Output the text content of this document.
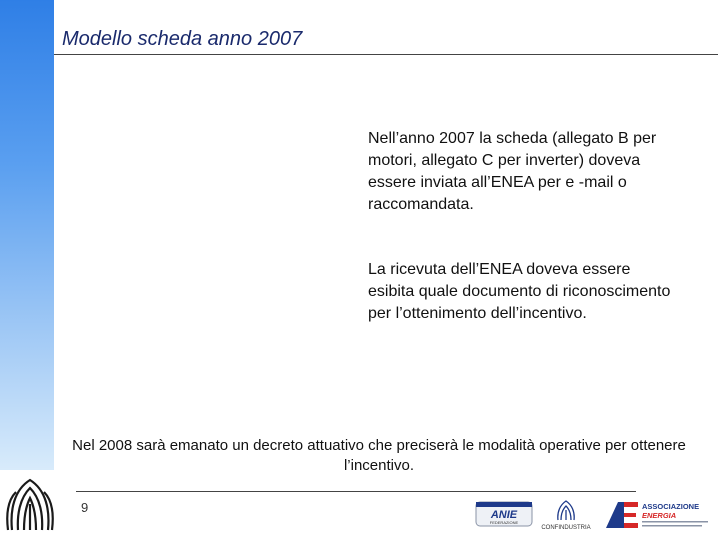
Modello scheda anno 2007
Nell’anno 2007 la scheda (allegato B per motori, allegato C per inverter) doveva essere inviata all’ENEA per e -mail o raccomandata.
La ricevuta dell’ENEA doveva essere esibita quale documento di riconoscimento per l’ottenimento dell’incentivo.
Nel 2008 sarà emanato un decreto attuativo che preciserà le modalità operative per ottenere l’incentivo.
9	ANIE
FEDERAZIONE
CONFINDUSTRIA
ASSOCIAZIONE
ENERGIA
